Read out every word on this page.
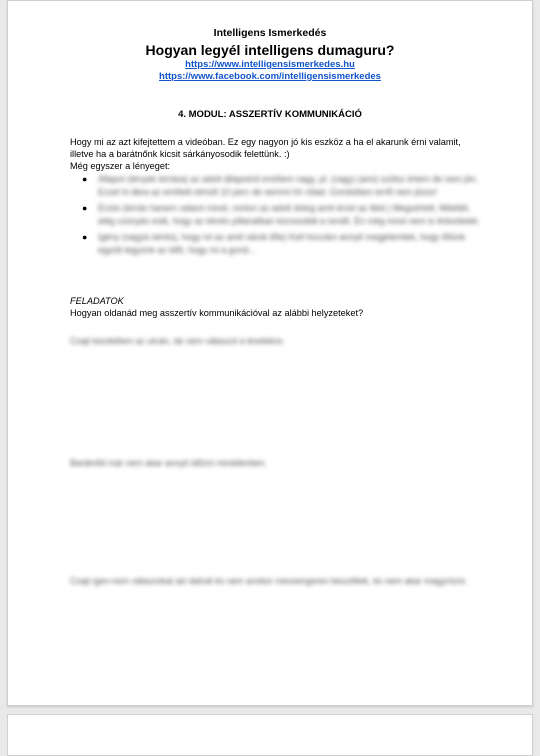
Intelligens Ismerkedés
Hogyan legyél intelligens dumaguru?
https://www.intelligensismerkedes.hu
https://www.facebook.com/intelligensismerkedes
4. MODUL: ASSZERTÍV KOMMUNIKÁCIÓ
Hogy mi az azt kifejtettem a videóban. Ez egy nagyon jó kis eszköz a ha el akarunk érni valamit, illetve ha a barátnőnk kicsit sárkányosodik felettünk. :)
Még egyszer a lényeget:
● Állapot (tények leírása) az adott állapotról említem nagy, pl. (vagy) (ami) szólsz értem de nem jön. Ezzel hi ábra az említett elmúlt 10 perc de semmi hír rólad. Gondoltam erről nem jössz!
● Érzés (leírás hanem valami mivel, ronton az adott dolog amit érzel az illeti.) Megsértett, féltettél, elég csúnyán esik, hogy az elmés pillanatban korosodtál a rendit. Én még most nem is értesítelek.
● Igény (vagyis kérés), hogy mi az amit várok tőle) Kell hozzám annyit megjelenítek, hogy tőlünk együtt legyünk az időt, hogy mi a gond...
FELADATOK
Hogyan oldanád meg asszertív kommunikációval az alábbi helyzeteket?
Csajt kezdetben az utcán, de nem válaszol a levelekre.
Barátnőd már nem akar annyit időzni minddenben.
Csajt igen-nem válaszokat ad rádnál és nem annkor messengeren beszéltek, és nem akar magyrózni.
